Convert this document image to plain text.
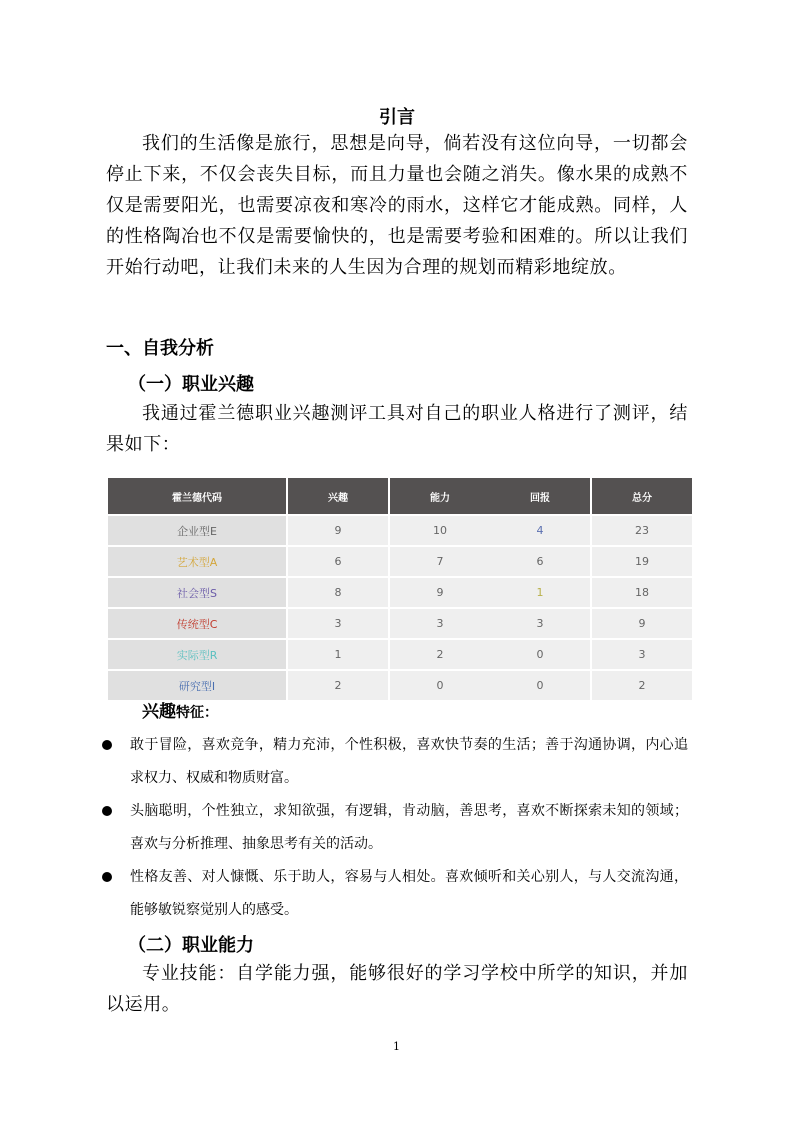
引言
我们的生活像是旅行，思想是向导，倘若没有这位向导，一切都会停止下来，不仅会丧失目标，而且力量也会随之消失。像水果的成熟不仅是需要阳光，也需要凉夜和寒冷的雨水，这样它才能成熟。同样，人的性格陶冶也不仅是需要愉快的，也是需要考验和困难的。所以让我们开始行动吧，让我们未来的人生因为合理的规划而精彩地绽放。
一、自我分析
（一）职业兴趣
我通过霍兰德职业兴趣测评工具对自己的职业人格进行了测评，结果如下：
霍兰德代码	兴趣	能力	回报	总分
企业型E	9	10	4	23
艺术型A	6	7	6	19
社会型S	8	9	1	18
传统型C	3	3	3	9
实际型R	1	2	0	3
研究型I	2	0	0	2
兴趣特征：
敢于冒险，喜欢竞争，精力充沛，个性积极，喜欢快节奏的生活；善于沟通协调，内心追求权力、权威和物质财富。
头脑聪明，个性独立，求知欲强，有逻辑，肯动脑，善思考，喜欢不断探索未知的领域；喜欢与分析推理、抽象思考有关的活动。
性格友善、对人慷慨、乐于助人，容易与人相处。喜欢倾听和关心别人，与人交流沟通，能够敏锐察觉别人的感受。
（二）职业能力
专业技能：自学能力强，能够很好的学习学校中所学的知识，并加以运用。
1
